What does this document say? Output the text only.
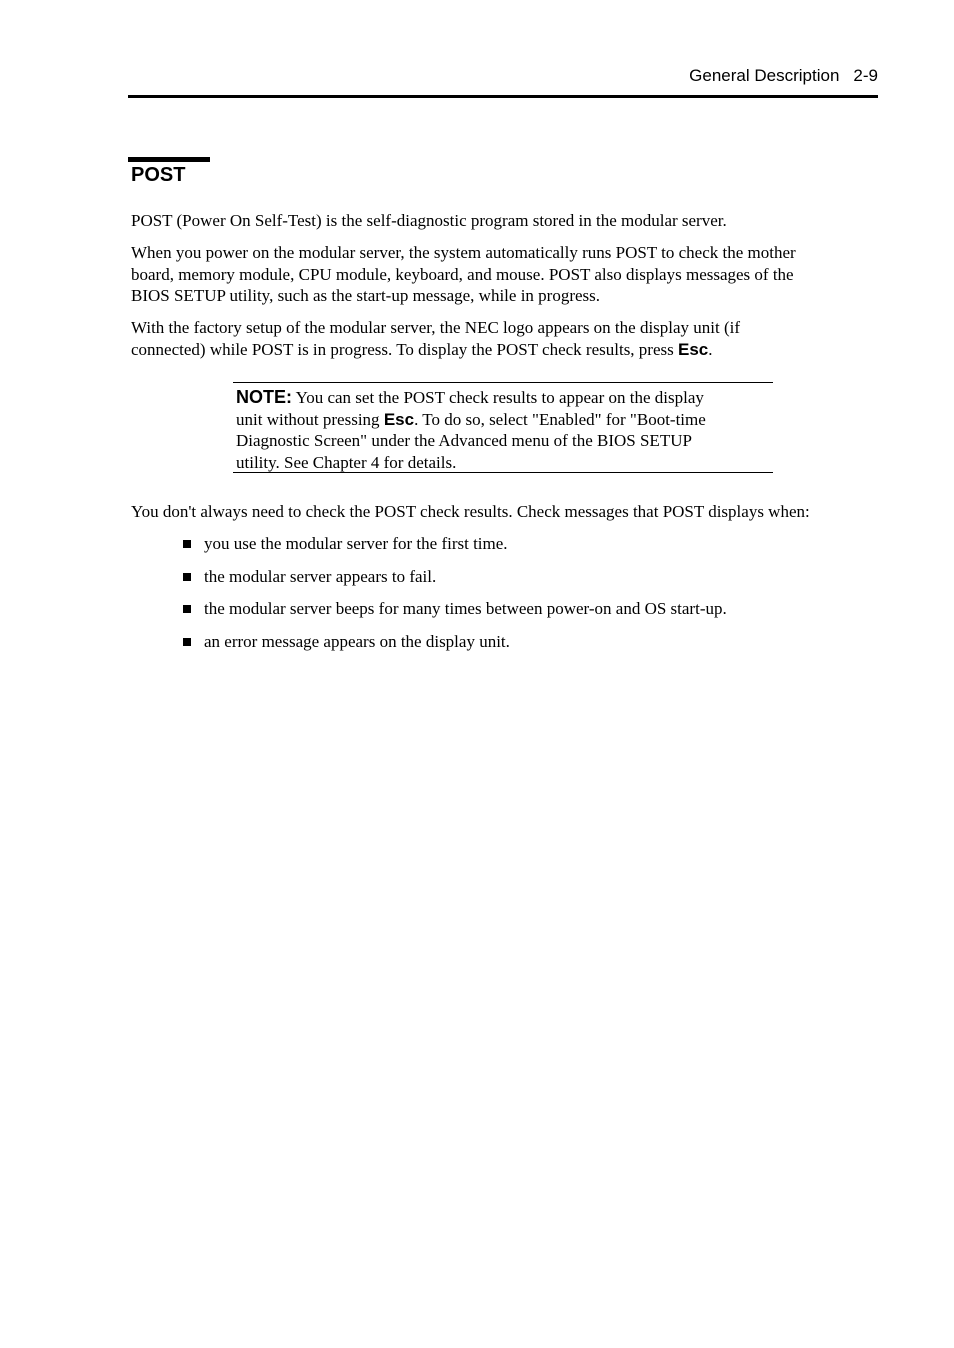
General Description 2-9
POST

POST (Power On Self-Test) is the self-diagnostic program stored in the modular server.

When you power on the modular server, the system automatically runs POST to check the mother
board, memory module, CPU module, keyboard, and mouse. POST also displays messages of the
BIOS SETUP utility, such as the start-up message, while in progress.

With the factory setup of the modular server, the NEC logo appears on the display unit (if
connected) while POST is in progress. To display the POST check results, press Esc.

NOTE: You can set the POST check results to appear on the display
unit without pressing Esc. To do so, select "Enabled" for "Boot-time
Diagnostic Screen" under the Advanced menu of the BIOS SETUP
utility. See Chapter 4 for details.

You don't always need to check the POST check results. Check messages that POST displays when:

you use the modular server for the first time.
the modular server appears to fail.
the modular server beeps for many times between power-on and OS start-up.
an error message appears on the display unit.
